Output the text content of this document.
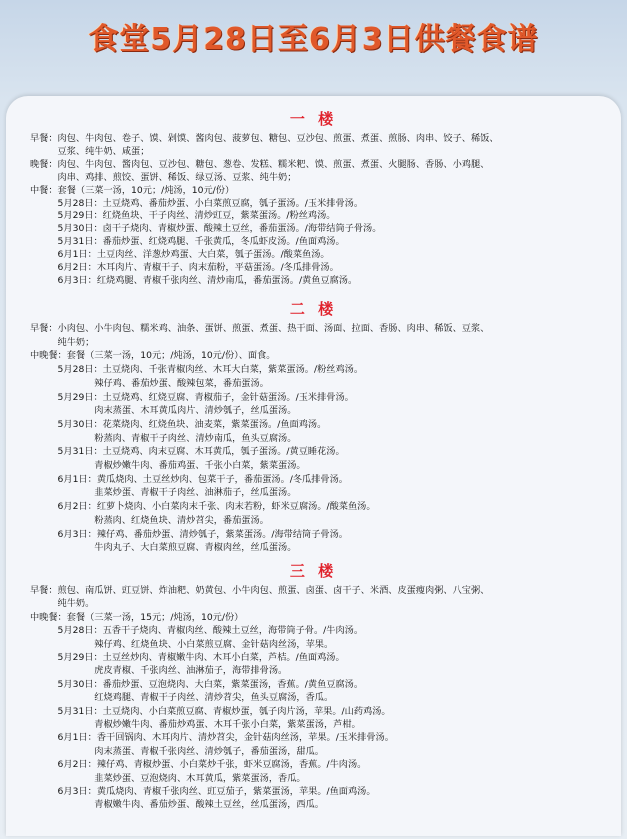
食堂5月28日至6月3日供餐食谱
一 楼
早餐：肉包、牛肉包、卷子、馍、剁馍、酱肉包、菠萝包、糖包、豆沙包、煎蛋、煮蛋、煎肠、肉串、饺子、稀饭、
　　　豆浆、纯牛奶、咸蛋；
晚餐：肉包、牛肉包、酱肉包、豆沙包、糖包、葱卷、发糕、糯米粑、馍、煎蛋、煮蛋、火腿肠、香肠、小鸡腿、
　　　肉串、鸡排、煎饺、蛋饼、稀饭、绿豆汤、豆浆、纯牛奶；
中餐：套餐（三菜一汤，10元；/炖汤，10元/份）
　　　5月28日：土豆烧鸡、番茄炒蛋、小白菜煎豆腐，瓠子蛋汤。/玉米排骨汤。
　　　5月29日：红烧鱼块、干子肉丝、清炒豇豆，紫菜蛋汤。/粉丝鸡汤。
　　　5月30日：卤干子烧肉、青椒炒蛋、酸辣土豆丝，番茄蛋汤。/海带结筒子骨汤。
　　　5月31日：番茄炒蛋、红烧鸡腿、千张黄瓜，冬瓜虾皮汤。/鱼面鸡汤。
　　　6月1日：土豆肉丝、洋葱炒鸡蛋、大白菜，瓠子蛋汤。/酸菜鱼汤。
　　　6月2日：木耳肉片、青椒干子、肉末茄粉，平菇蛋汤。/冬瓜排骨汤。
　　　6月3日：红烧鸡腿、青椒千张肉丝、清炒南瓜，番茄蛋汤。/黄鱼豆腐汤。
二 楼
早餐：小肉包、小牛肉包、糯米鸡、油条、蛋饼、煎蛋、煮蛋、热干面、汤面、拉面、香肠、肉串、稀饭、豆浆、
　　　纯牛奶；
中晚餐：套餐（三菜一汤，10元；/炖汤，10元/份）、面食。
　　　5月28日：土豆烧肉、千张青椒肉丝、木耳大白菜，紫菜蛋汤。/粉丝鸡汤。
　　　　　　　辣仔鸡、番茄炒蛋、酸辣包菜，番茄蛋汤。
　　　5月29日：土豆烧鸡、红烧豆腐、青椒茄子，金针菇蛋汤。/玉米排骨汤。
　　　　　　　肉末蒸蛋、木耳黄瓜肉片、清炒瓠子，丝瓜蛋汤。
　　　5月30日：花菜烧肉、红烧鱼块、油麦菜，紫菜蛋汤。/鱼面鸡汤。
　　　　　　　粉蒸肉、青椒干子肉丝、清炒南瓜，鱼头豆腐汤。
　　　5月31日：土豆烧鸡、肉末豆腐、木耳黄瓜，瓠子蛋汤。/黄豆睡花汤。
　　　　　　　青椒炒嫩牛肉、番茄鸡蛋、千张小白菜，紫菜蛋汤。
　　　6月1日：黄瓜烧肉、土豆丝炒肉、包菜干子，番茄蛋汤。/冬瓜排骨汤。
　　　　　　　韭菜炒蛋、青椒干子肉丝、油淋茄子，丝瓜蛋汤。
　　　6月2日：红萝卜烧肉、小白菜肉末千张、肉末若粉，虾米豆腐汤。/酸菜鱼汤。
　　　　　　　粉蒸肉、红烧鱼块、清炒苕尖，番茄蛋汤。
　　　6月3日：辣仔鸡、番茄炒蛋、清炒瓠子，紫菜蛋汤。/海带结筒子骨汤。
　　　　　　　牛肉丸子、大白菜煎豆腐、青椒肉丝，丝瓜蛋汤。
三 楼
早餐：煎包、南瓜饼、豇豆饼、炸油粑、奶黄包、小牛肉包、煎蛋、卤蛋、卤干子、米酒、皮蛋瘦肉粥、八宝粥、
　　　纯牛奶。
中晚餐：套餐（三菜一汤，15元；/炖汤，10元/份）
　　　5月28日：五香干子烧肉、青椒肉丝、酸辣土豆丝，海带筒子骨。/牛肉汤。
　　　　　　　辣仔鸡、红烧鱼块、小白菜煎豆腐、金针菇肉丝汤，苹果。
　　　5月29日：土豆丝炒肉、青椒嫩牛肉、木耳小白菜，芦桔。/鱼面鸡汤。
　　　　　　　虎皮青椒、千张肉丝、油淋茄子，海带排骨汤。
　　　5月30日：番茄炒蛋、豆泡烧肉、大白菜，紫菜蛋汤，香蕉。/黄鱼豆腐汤。
　　　　　　　红烧鸡腿、青椒干子肉丝、清炒苕尖，鱼头豆腐汤，香瓜。
　　　5月31日：土豆烧肉、小白菜煎豆腐、青椒炒蛋，瓠子肉片汤，苹果。/山药鸡汤。
　　　　　　　青椒炒嫩牛肉、番茄炒鸡蛋、木耳千张小白菜，紫菜蛋汤，芦柑。
　　　6月1日：香干回锅肉、木耳肉片、清炒苕尖，金针菇肉丝汤，苹果。/玉米排骨汤。
　　　　　　　肉末蒸蛋、青椒千张肉丝、清炒瓠子，番茄蛋汤，甜瓜。
　　　6月2日：辣仔鸡、青椒炒蛋、小白菜炒千张，虾米豆腐汤，香蕉。/牛肉汤。
　　　　　　　韭菜炒蛋、豆泡烧肉、木耳黄瓜，紫菜蛋汤，香瓜。
　　　6月3日：黄瓜烧肉、青椒千张肉丝、豇豆茄子，紫菜蛋汤，苹果。/鱼面鸡汤。
　　　　　　　青椒嫩牛肉、番茄炒蛋、酸辣土豆丝，丝瓜蛋汤，西瓜。
